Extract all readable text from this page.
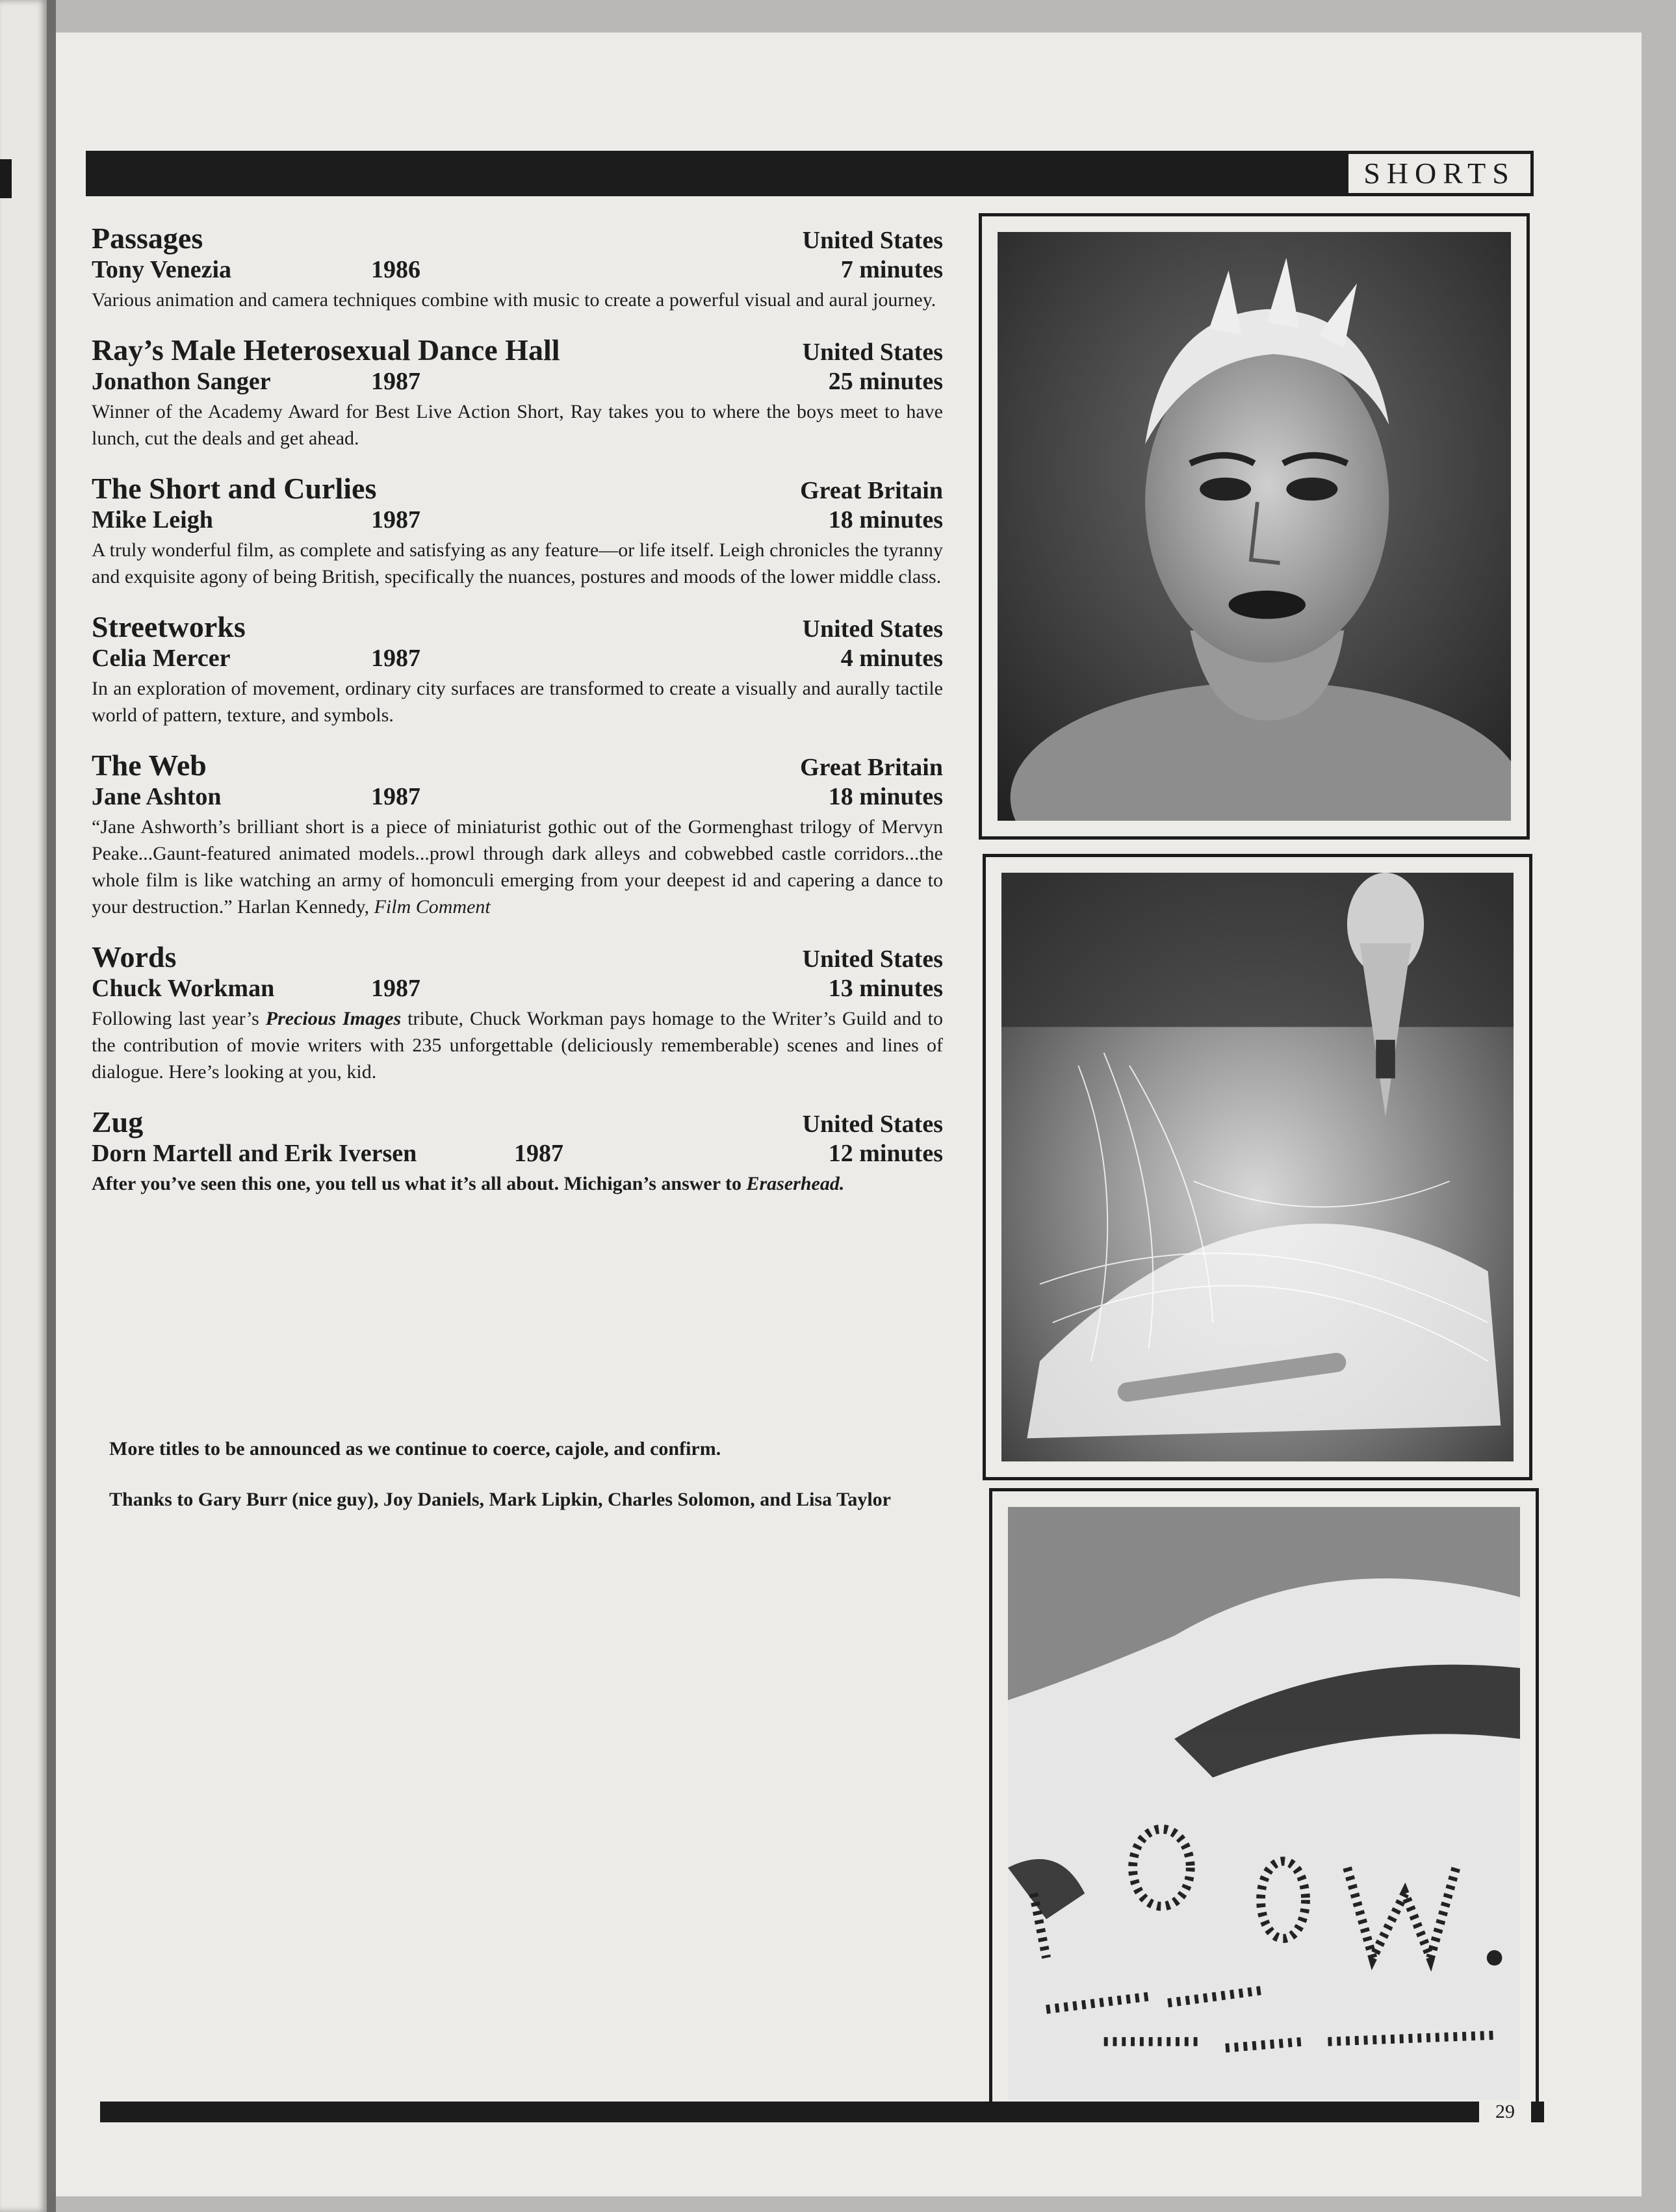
SHORTS
Passages	United States
Tony Venezia	1986	7 minutes
Various animation and camera techniques combine with music to create a powerful visual and aural journey.
Ray’s Male Heterosexual Dance Hall	United States
Jonathon Sanger	1987	25 minutes
Winner of the Academy Award for Best Live Action Short, Ray takes you to where the boys meet to have lunch, cut the deals and get ahead.
The Short and Curlies	Great Britain
Mike Leigh	1987	18 minutes
A truly wonderful film, as complete and satisfying as any feature—or life itself. Leigh chronicles the tyranny and exquisite agony of being British, specifically the nuances, postures and moods of the lower middle class.
Streetworks	United States
Celia Mercer	1987	4 minutes
In an exploration of movement, ordinary city surfaces are transformed to create a visually and aurally tactile world of pattern, texture, and symbols.
The Web	Great Britain
Jane Ashton	1987	18 minutes
“Jane Ashworth’s brilliant short is a piece of miniaturist gothic out of the Gormenghast trilogy of Mervyn Peake...Gaunt-featured animated models...prowl through dark alleys and cobwebbed castle corridors...the whole film is like watching an army of homonculi emerging from your deepest id and capering a dance to your destruction.” Harlan Kennedy, Film Comment
Words	United States
Chuck Workman	1987	13 minutes
Following last year’s Precious Images tribute, Chuck Workman pays homage to the Writer’s Guild and to the contribution of movie writers with 235 unforgettable (deliciously rememberable) scenes and lines of dialogue. Here’s looking at you, kid.
Zug	United States
Dorn Martell and Erik Iversen	1987	12 minutes
After you’ve seen this one, you tell us what it’s all about. Michigan’s answer to Eraserhead.
More titles to be announced as we continue to coerce, cajole, and confirm.
Thanks to Gary Burr (nice guy), Joy Daniels, Mark Lipkin, Charles Solomon, and Lisa Taylor
29
